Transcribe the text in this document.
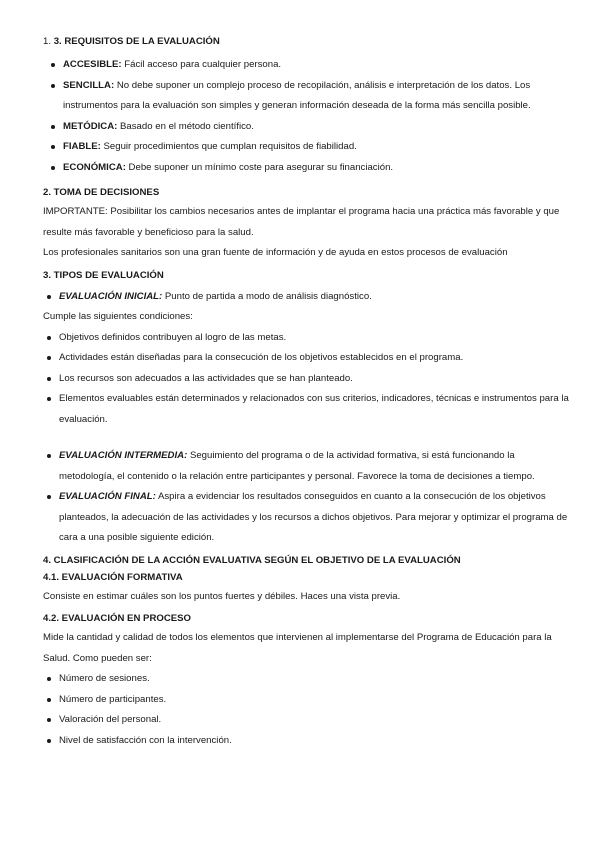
1. 3. REQUISITOS DE LA EVALUACIÓN

ACCESIBLE: Fácil acceso para cualquier persona.
SENCILLA: No debe suponer un complejo proceso de recopilación, análisis e interpretación de los datos. Los instrumentos para la evaluación son simples y generan información deseada de la forma más sencilla posible.
METÓDICA: Basado en el método científico.
FIABLE: Seguir procedimientos que cumplan requisitos de fiabilidad.
ECONÓMICA: Debe suponer un mínimo coste para asegurar su financiación.

2. TOMA DE DECISIONES

IMPORTANTE: Posibilitar los cambios necesarios antes de implantar el programa hacia una práctica más favorable y que resulte más favorable y beneficioso para la salud.

Los profesionales sanitarios son una gran fuente de información y de ayuda en estos procesos de evaluación

3. TIPOS DE EVALUACIÓN

EVALUACIÓN INICIAL: Punto de partida a modo de análisis diagnóstico.

Cumple las siguientes condiciones:

Objetivos definidos contribuyen al logro de las metas.
Actividades están diseñadas para la consecución de los objetivos establecidos en el programa.
Los recursos son adecuados a las actividades que se han planteado.
Elementos evaluables están determinados y relacionados con sus criterios, indicadores, técnicas e instrumentos para la evaluación.
EVALUACIÓN INTERMEDIA: Seguimiento del programa o de la actividad formativa, si está funcionando la metodología, el contenido o la relación entre participantes y personal. Favorece la toma de decisiones a tiempo.
EVALUACIÓN FINAL: Aspira a evidenciar los resultados conseguidos en cuanto a la consecución de los objetivos planteados, la adecuación de las actividades y los recursos a dichos objetivos. Para mejorar y optimizar el programa de cara a una posible siguiente edición.

4. CLASIFICACIÓN DE LA ACCIÓN EVALUATIVA SEGÚN EL OBJETIVO DE LA EVALUACIÓN

4.1. EVALUACIÓN FORMATIVA

Consiste en estimar cuáles son los puntos fuertes y débiles. Haces una vista previa.

4.2. EVALUACIÓN EN PROCESO

Mide la cantidad y calidad de todos los elementos que intervienen al implementarse del Programa de Educación para la Salud. Como pueden ser:

Número de sesiones.
Número de participantes.
Valoración del personal.
Nivel de satisfacción con la intervención.
